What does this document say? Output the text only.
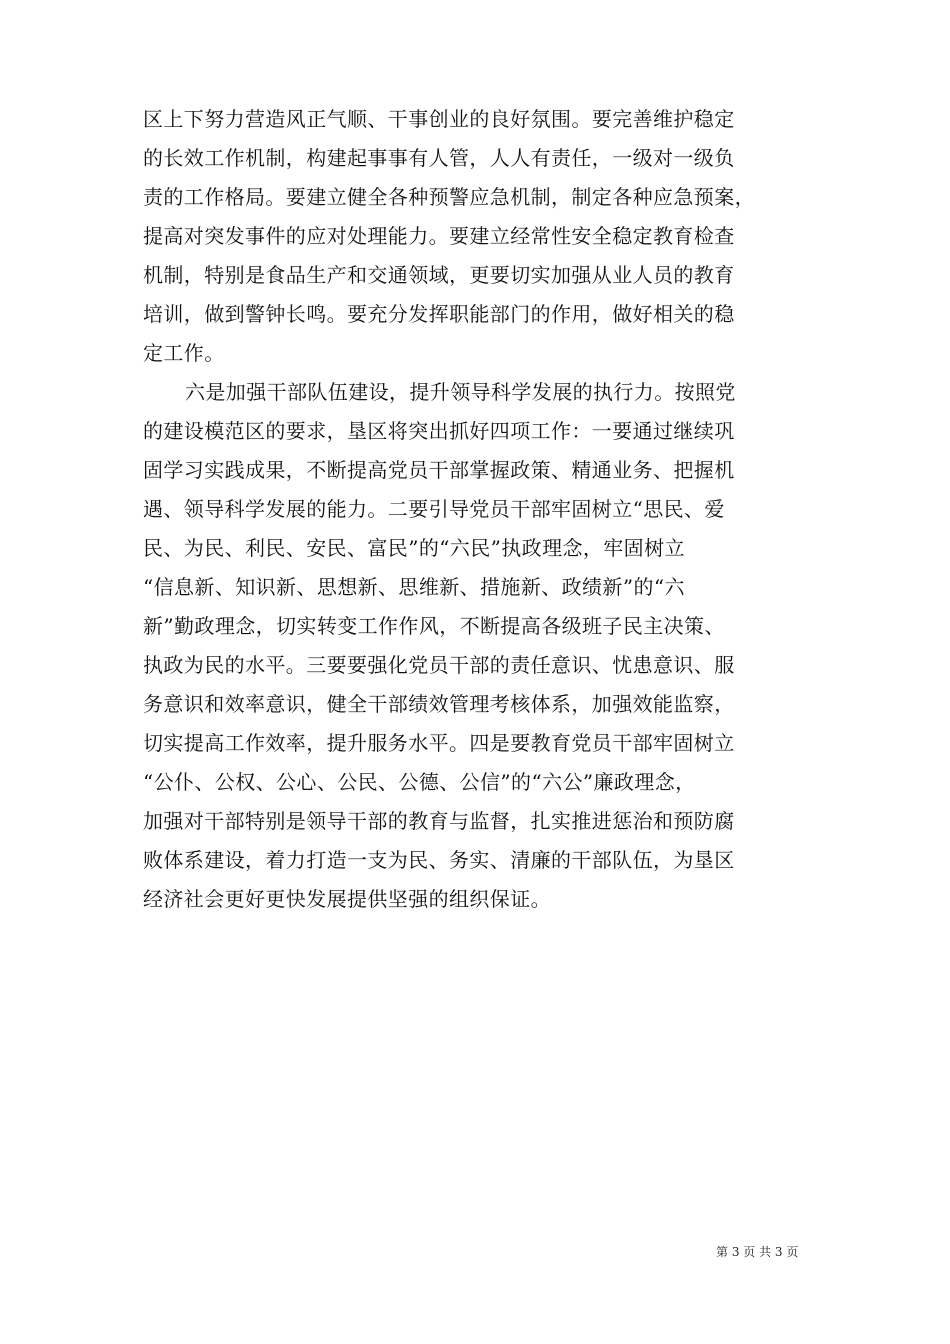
区上下努力营造风正气顺、干事创业的良好氛围。要完善维护稳定
的长效工作机制，构建起事事有人管，人人有责任，一级对一级负
责的工作格局。要建立健全各种预警应急机制，制定各种应急预案，
提高对突发事件的应对处理能力。要建立经常性安全稳定教育检查
机制，特别是食品生产和交通领域，更要切实加强从业人员的教育
培训，做到警钟长鸣。要充分发挥职能部门的作用，做好相关的稳
定工作。
六是加强干部队伍建设，提升领导科学发展的执行力。按照党
的建设模范区的要求，垦区将突出抓好四项工作：一要通过继续巩
固学习实践成果，不断提高党员干部掌握政策、精通业务、把握机
遇、领导科学发展的能力。二要引导党员干部牢固树立“思民、爱
民、为民、利民、安民、富民”的“六民”执政理念，牢固树立
“信息新、知识新、思想新、思维新、措施新、政绩新”的“六
新”勤政理念，切实转变工作作风，不断提高各级班子民主决策、
执政为民的水平。三要要强化党员干部的责任意识、忧患意识、服
务意识和效率意识，健全干部绩效管理考核体系，加强效能监察，
切实提高工作效率，提升服务水平。四是要教育党员干部牢固树立
“公仆、公权、公心、公民、公德、公信”的“六公”廉政理念，
加强对干部特别是领导干部的教育与监督，扎实推进惩治和预防腐
败体系建设，着力打造一支为民、务实、清廉的干部队伍，为垦区
经济社会更好更快发展提供坚强的组织保证。
第 3 页 共 3 页
